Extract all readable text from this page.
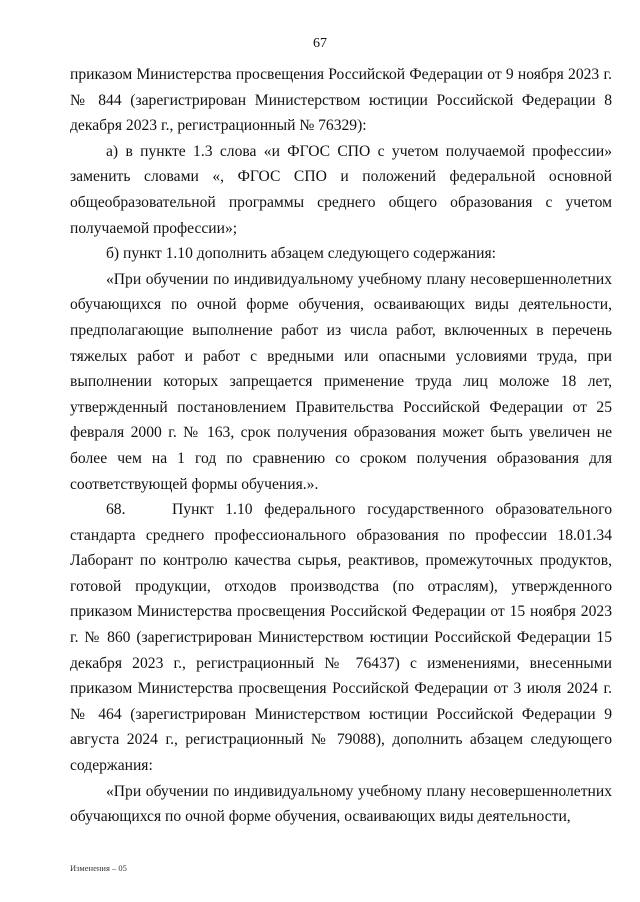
67

приказом Министерства просвещения Российской Федерации от 9 ноября 2023 г. № 844 (зарегистрирован Министерством юстиции Российской Федерации 8 декабря 2023 г., регистрационный № 76329):

а) в пункте 1.3 слова «и ФГОС СПО с учетом получаемой профессии» заменить словами «, ФГОС СПО и положений федеральной основной общеобразовательной программы среднего общего образования с учетом получаемой профессии»;

б) пункт 1.10 дополнить абзацем следующего содержания:

«При обучении по индивидуальному учебному плану несовершеннолетних обучающихся по очной форме обучения, осваивающих виды деятельности, предполагающие выполнение работ из числа работ, включенных в перечень тяжелых работ и работ с вредными или опасными условиями труда, при выполнении которых запрещается применение труда лиц моложе 18 лет, утвержденный постановлением Правительства Российской Федерации от 25 февраля 2000 г. № 163, срок получения образования может быть увеличен не более чем на 1 год по сравнению со сроком получения образования для соответствующей формы обучения.».

68.    Пункт 1.10 федерального государственного образовательного стандарта среднего профессионального образования по профессии 18.01.34 Лаборант по контролю качества сырья, реактивов, промежуточных продуктов, готовой продукции, отходов производства (по отраслям), утвержденного приказом Министерства просвещения Российской Федерации от 15 ноября 2023 г. № 860 (зарегистрирован Министерством юстиции Российской Федерации 15 декабря 2023 г., регистрационный № 76437) с изменениями, внесенными приказом Министерства просвещения Российской Федерации от 3 июля 2024 г. № 464 (зарегистрирован Министерством юстиции Российской Федерации 9 августа 2024 г., регистрационный № 79088), дополнить абзацем следующего содержания:

«При обучении по индивидуальному учебному плану несовершеннолетних обучающихся по очной форме обучения, осваивающих виды деятельности,

Изменения – 05
